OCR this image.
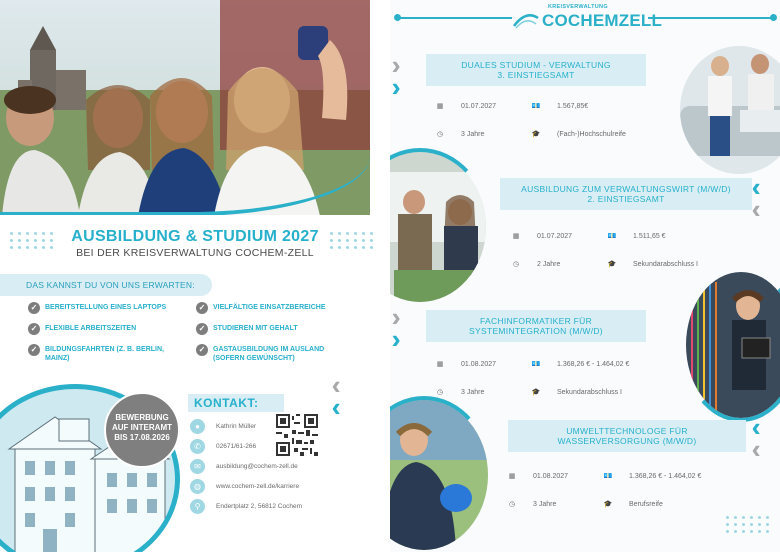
AUSBILDUNG & STUDIUM 2027
BEI DER KREISVERWALTUNG COCHEM-ZELL
DAS KANNST DU VON UNS ERWARTEN:
✓	BEREITSTELLUNG EINES LAPTOPS	✓	VIELFÄLTIGE EINSATZBEREICHE
✓	FLEXIBLE ARBEITSZEITEN	✓	STUDIEREN MIT GEHALT
✓	BILDUNGSFAHRTEN (Z. B. BERLIN, MAINZ)
✓	GASTAUSBILDUNG IM AUSLAND (SOFERN GEWÜNSCHT)
BEWERBUNG
AUF INTERAMT
BIS 17.08.2026
KONTAKT:
●	Kathrin Müller
✆	02671/61-266
✉	ausbildung@cochem-zell.de
◍	www.cochem-zell.de/karriere
⚲	Endertplatz 2, 56812 Cochem
KREISVERWALTUNG
COCHEMZELL
DUALES STUDIUM - VERWALTUNG
3. EINSTIEGSAMT
▦	01.07.2027	💶	1.567,85€
◷	3 Jahre	🎓	(Fach-)Hochschulreife
AUSBILDUNG ZUM VERWALTUNGSWIRT (M/W/D)
2. EINSTIEGSAMT
▦	01.07.2027	💶	1.511,65 €
◷	2 Jahre	🎓	Sekundarabschluss I
FACHINFORMATIKER FÜR
SYSTEMINTEGRATION (M/W/D)
▦	01.08.2027	💶	1.368,26 € - 1.464,02 €
◷	3 Jahre	🎓	Sekundarabschluss I
UMWELTTECHNOLOGE FÜR
WASSERVERSORGUNG (M/W/D)
▦	01.08.2027	💶	1.368,26 € - 1.464,02 €
◷	3 Jahre	🎓	Berufsreife
